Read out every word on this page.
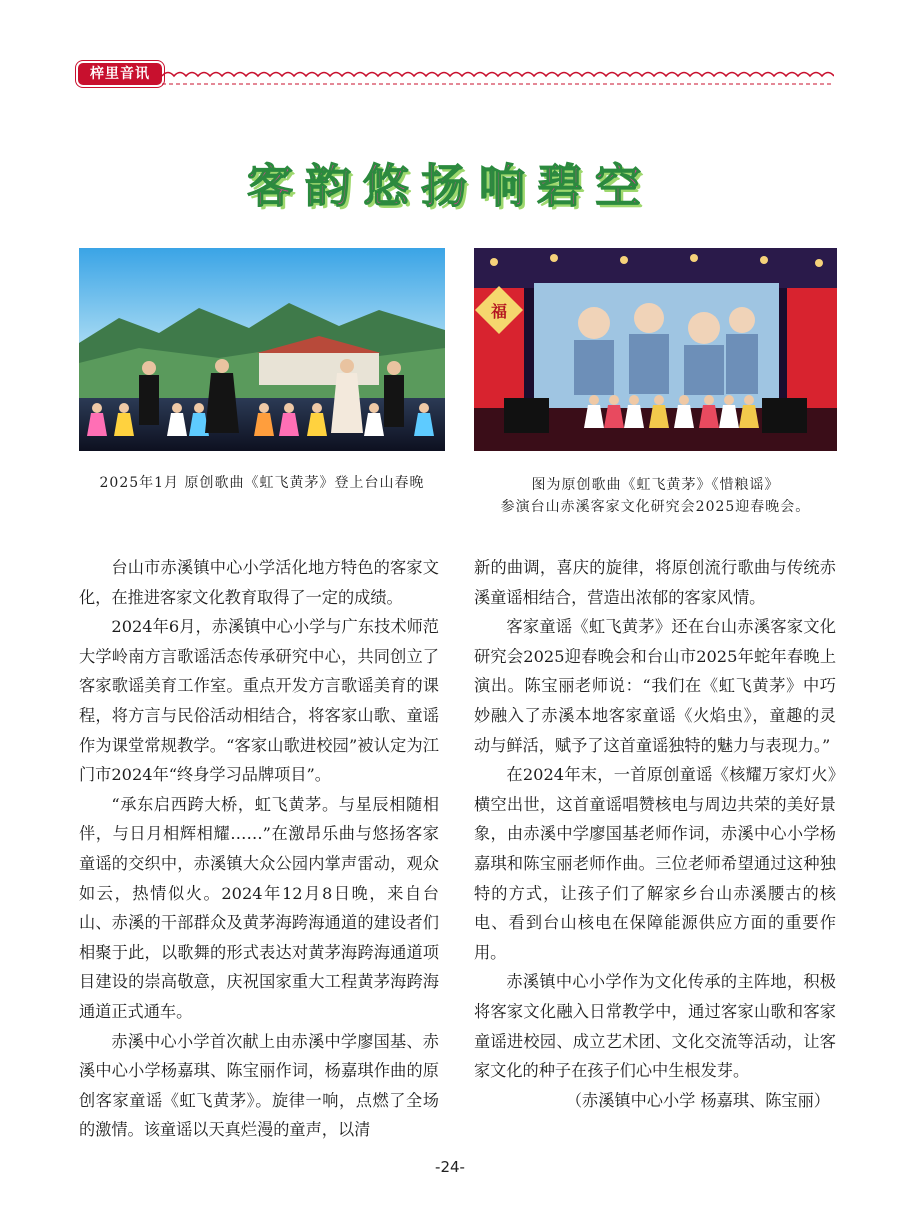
梓里音讯
客韵悠扬响碧空
福
2025年1月 原创歌曲《虹飞黄茅》登上台山春晚	图为原创歌曲《虹飞黄茅》《惜粮谣》
参演台山赤溪客家文化研究会2025迎春晚会。

台山市赤溪镇中心小学活化地方特色的客家文化，在推进客家文化教育取得了一定的成绩。

2024年6月，赤溪镇中心小学与广东技术师范大学岭南方言歌谣活态传承研究中心，共同创立了客家歌谣美育工作室。重点开发方言歌谣美育的课程，将方言与民俗活动相结合，将客家山歌、童谣作为课堂常规教学。“客家山歌进校园”被认定为江门市2024年“终身学习品牌项目”。

“承东启西跨大桥，虹飞黄茅。与星辰相随相伴，与日月相辉相耀……”在激昂乐曲与悠扬客家童谣的交织中，赤溪镇大众公园内掌声雷动，观众如云，热情似火。2024年12月8日晚，来自台山、赤溪的干部群众及黄茅海跨海通道的建设者们相聚于此，以歌舞的形式表达对黄茅海跨海通道项目建设的崇高敬意，庆祝国家重大工程黄茅海跨海通道正式通车。

赤溪中心小学首次献上由赤溪中学廖国基、赤溪中心小学杨嘉琪、陈宝丽作词，杨嘉琪作曲的原创客家童谣《虹飞黄茅》。旋律一响，点燃了全场的激情。该童谣以天真烂漫的童声，以清

新的曲调，喜庆的旋律，将原创流行歌曲与传统赤溪童谣相结合，营造出浓郁的客家风情。

客家童谣《虹飞黄茅》还在台山赤溪客家文化研究会2025迎春晚会和台山市2025年蛇年春晚上演出。陈宝丽老师说：“我们在《虹飞黄茅》中巧妙融入了赤溪本地客家童谣《火焰虫》，童趣的灵动与鲜活，赋予了这首童谣独特的魅力与表现力。”

在2024年末，一首原创童谣《核耀万家灯火》横空出世，这首童谣唱赞核电与周边共荣的美好景象，由赤溪中学廖国基老师作词，赤溪中心小学杨嘉琪和陈宝丽老师作曲。三位老师希望通过这种独特的方式，让孩子们了解家乡台山赤溪腰古的核电、看到台山核电在保障能源供应方面的重要作用。

赤溪镇中心小学作为文化传承的主阵地，积极将客家文化融入日常教学中，通过客家山歌和客家童谣进校园、成立艺术团、文化交流等活动，让客家文化的种子在孩子们心中生根发芽。

（赤溪镇中心小学 杨嘉琪、陈宝丽）

-24-
